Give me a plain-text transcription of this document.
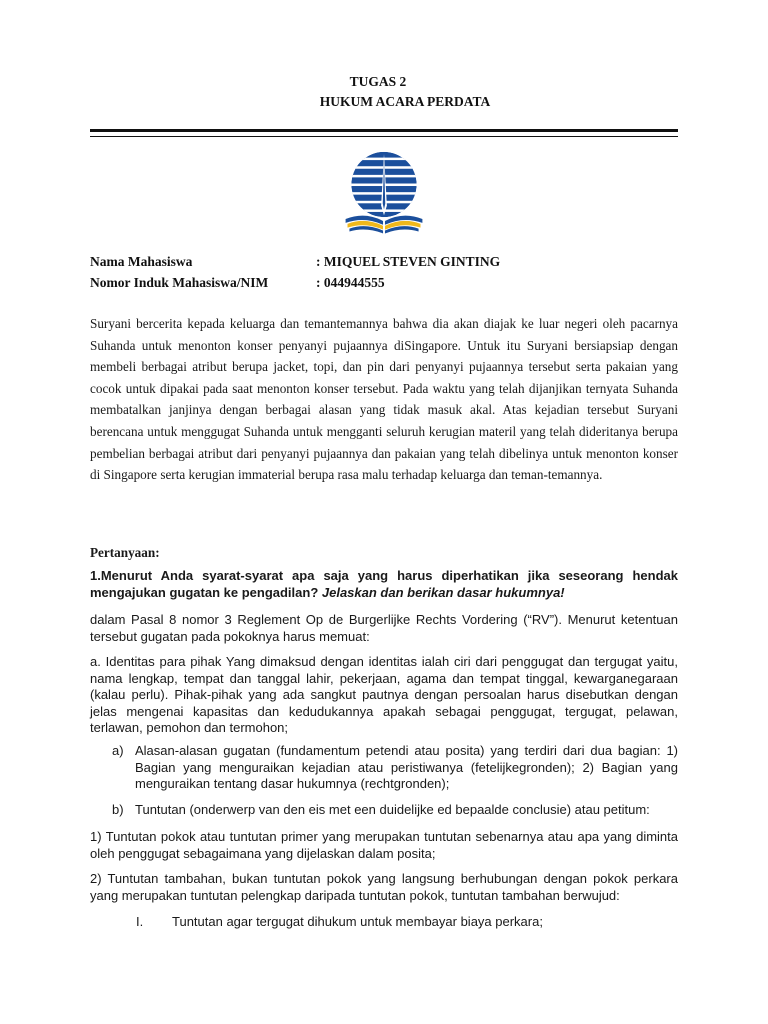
TUGAS 2
HUKUM ACARA PERDATA
Nama Mahasiswa	: MIQUEL STEVEN GINTING
Nomor Induk Mahasiswa/NIM	: 044944555
Suryani bercerita kepada keluarga dan temantemannya bahwa dia akan diajak ke luar negeri oleh pacarnya Suhanda untuk menonton konser penyanyi pujaannya diSingapore. Untuk itu Suryani bersiapsiap dengan membeli berbagai atribut berupa jacket, topi, dan pin dari penyanyi pujaannya tersebut serta pakaian yang cocok untuk dipakai pada saat menonton konser tersebut. Pada waktu yang telah dijanjikan ternyata Suhanda membatalkan janjinya dengan berbagai alasan yang tidak masuk akal. Atas kejadian tersebut Suryani berencana untuk menggugat Suhanda untuk mengganti seluruh kerugian materil yang telah dideritanya berupa pembelian berbagai atribut dari penyanyi pujaannya dan pakaian yang telah dibelinya untuk menonton konser di Singapore serta kerugian immaterial berupa rasa malu terhadap keluarga dan teman-temannya.
Pertanyaan:
1.Menurut Anda syarat-syarat apa saja yang harus diperhatikan jika seseorang hendak mengajukan gugatan ke pengadilan? Jelaskan dan berikan dasar hukumnya!
dalam Pasal 8 nomor 3 Reglement Op de Burgerlijke Rechts Vordering (“RV”). Menurut ketentuan tersebut gugatan pada pokoknya harus memuat:
a. Identitas para pihak Yang dimaksud dengan identitas ialah ciri dari penggugat dan tergugat yaitu, nama lengkap, tempat dan tanggal lahir, pekerjaan, agama dan tempat tinggal, kewarganegaraan (kalau perlu). Pihak-pihak yang ada sangkut pautnya dengan persoalan harus disebutkan dengan jelas mengenai kapasitas dan kedudukannya apakah sebagai penggugat, tergugat, pelawan, terlawan, pemohon dan termohon;
a) Alasan-alasan gugatan (fundamentum petendi atau posita) yang terdiri dari dua bagian: 1) Bagian yang menguraikan kejadian atau peristiwanya (fetelijkegronden); 2) Bagian yang menguraikan tentang dasar hukumnya (rechtgronden);
b) Tuntutan (onderwerp van den eis met een duidelijke ed bepaalde conclusie) atau petitum:
1) Tuntutan pokok atau tuntutan primer yang merupakan tuntutan sebenarnya atau apa yang diminta oleh penggugat sebagaimana yang dijelaskan dalam posita;
2) Tuntutan tambahan, bukan tuntutan pokok yang langsung berhubungan dengan pokok perkara yang merupakan tuntutan pelengkap daripada tuntutan pokok, tuntutan tambahan berwujud:
I. Tuntutan agar tergugat dihukum untuk membayar biaya perkara;
